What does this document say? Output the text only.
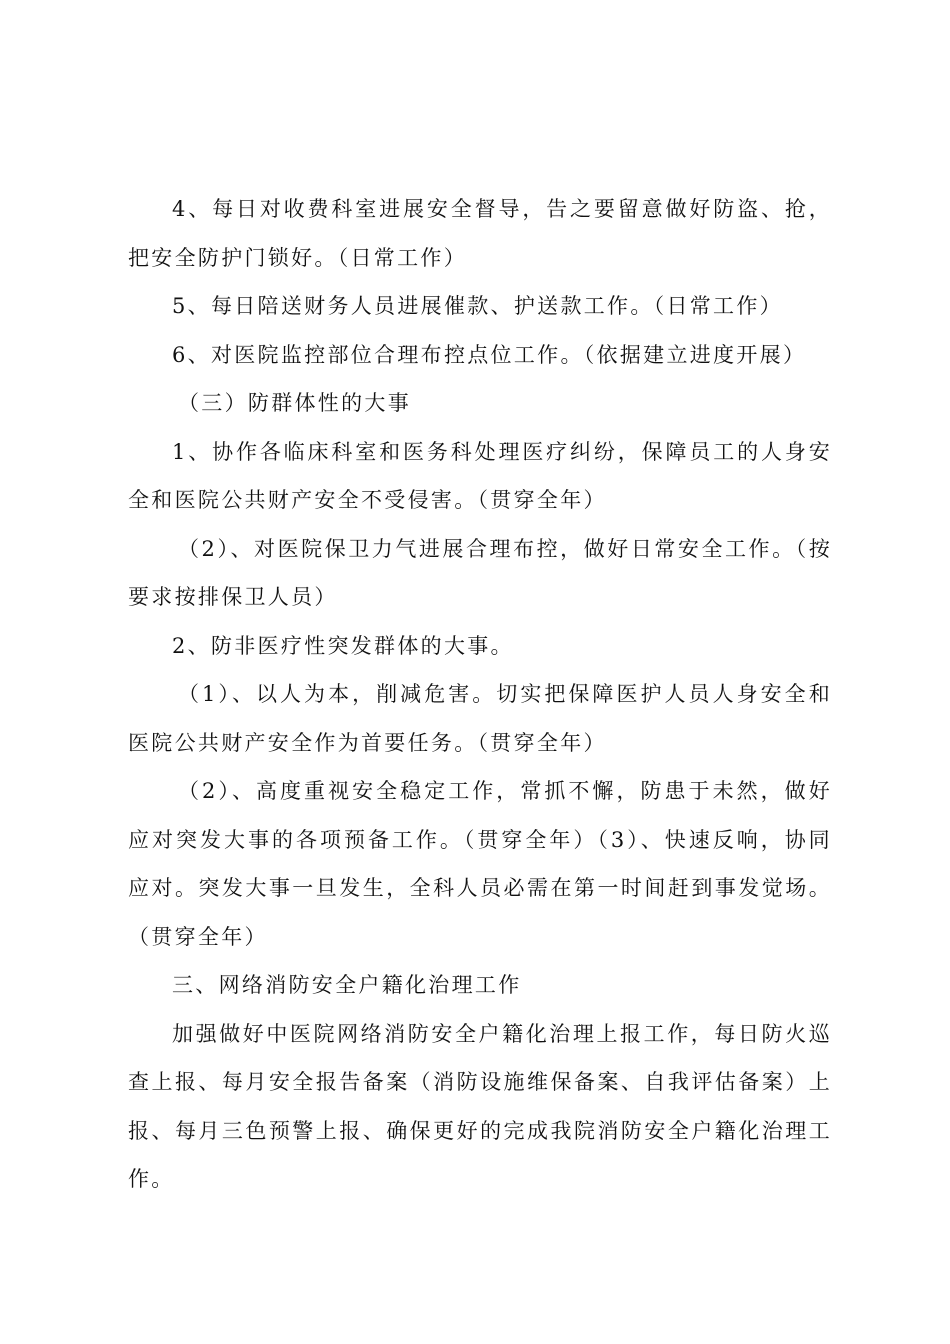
4、每日对收费科室进展安全督导，告之要留意做好防盗、抢，把安全防护门锁好。（日常工作）

5、每日陪送财务人员进展催款、护送款工作。（日常工作）

6、对医院监控部位合理布控点位工作。（依据建立进度开展）

（三）防群体性的大事

1、协作各临床科室和医务科处理医疗纠纷，保障员工的人身安全和医院公共财产安全不受侵害。（贯穿全年）

（2）、对医院保卫力气进展合理布控，做好日常安全工作。（按要求按排保卫人员）

2、防非医疗性突发群体的大事。

（1）、以人为本，削减危害。切实把保障医护人员人身安全和医院公共财产安全作为首要任务。（贯穿全年）

（2）、高度重视安全稳定工作，常抓不懈，防患于未然，做好应对突发大事的各项预备工作。（贯穿全年）（3）、快速反响，协同应对。突发大事一旦发生，全科人员必需在第一时间赶到事发觉场。（贯穿全年）

三、网络消防安全户籍化治理工作

加强做好中医院网络消防安全户籍化治理上报工作，每日防火巡查上报、每月安全报告备案（消防设施维保备案、自我评估备案）上报、每月三色预警上报、确保更好的完成我院消防安全户籍化治理工作。
